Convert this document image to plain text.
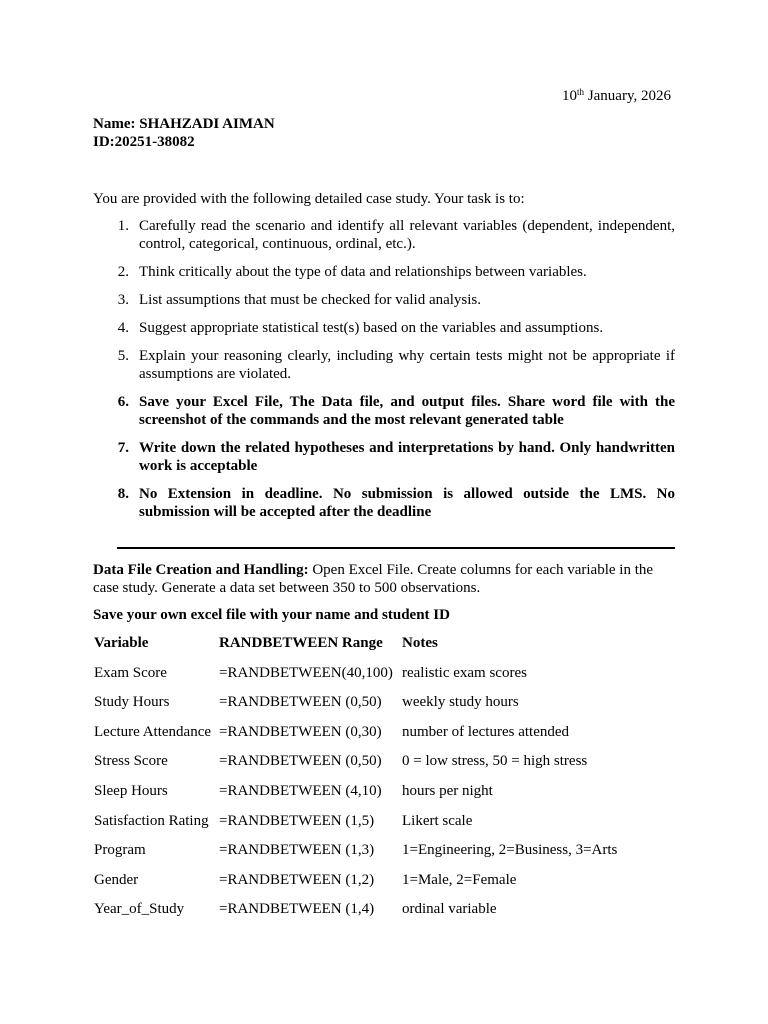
10th January, 2026
Name: SHAHZADI AIMAN
ID:20251-38082
You are provided with the following detailed case study. Your task is to:
1. Carefully read the scenario and identify all relevant variables (dependent, independent, control, categorical, continuous, ordinal, etc.).
2. Think critically about the type of data and relationships between variables.
3. List assumptions that must be checked for valid analysis.
4. Suggest appropriate statistical test(s) based on the variables and assumptions.
5. Explain your reasoning clearly, including why certain tests might not be appropriate if assumptions are violated.
6. Save your Excel File, The Data file, and output files. Share word file with the screenshot of the commands and the most relevant generated table
7. Write down the related hypotheses and interpretations by hand. Only handwritten work is acceptable
8. No Extension in deadline. No submission is allowed outside the LMS. No submission will be accepted after the deadline
Data File Creation and Handling: Open Excel File. Create columns for each variable in the case study. Generate a data set between 350 to 500 observations.
Save your own excel file with your name and student ID
Variable	RANDBETWEEN Range	Notes
Exam Score	=RANDBETWEEN(40,100) realistic exam scores
Study Hours	=RANDBETWEEN (0,50)	weekly study hours
Lecture Attendance =RANDBETWEEN (0,30)	number of lectures attended
Stress Score	=RANDBETWEEN (0,50)	0 = low stress, 50 = high stress
Sleep Hours	=RANDBETWEEN (4,10)	hours per night
Satisfaction Rating =RANDBETWEEN (1,5)	Likert scale
Program	=RANDBETWEEN (1,3)	1=Engineering, 2=Business, 3=Arts
Gender	=RANDBETWEEN (1,2)	1=Male, 2=Female
Year_of_Study	=RANDBETWEEN (1,4)	ordinal variable
